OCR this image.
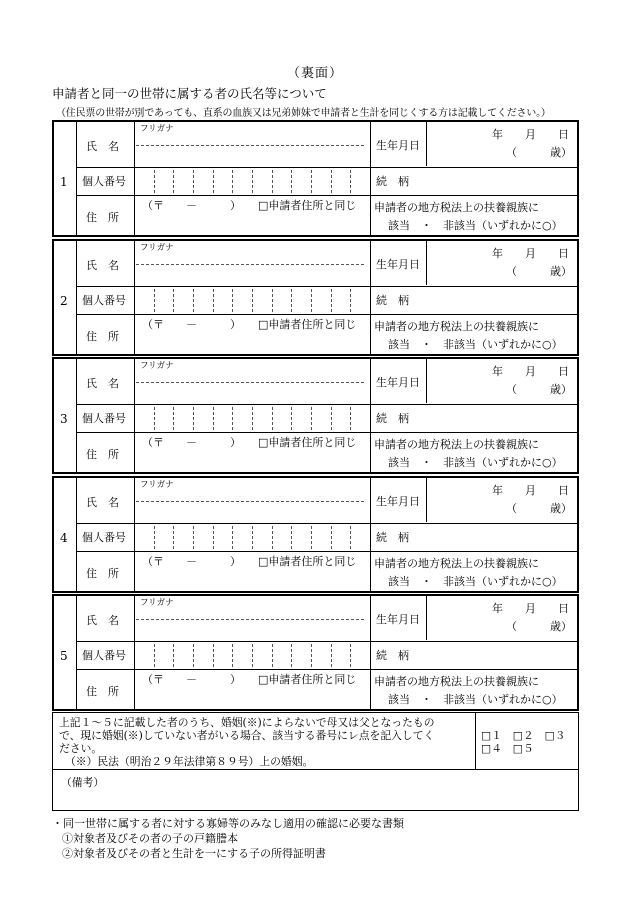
（裏面）
申請者と同一の世帯に属する者の氏名等について
（住民票の世帯が別であっても、直系の血族又は兄弟姉妹で申請者と生計を同じくする方は記載してください。）
上記１～５に記載した者のうち、婚姻(※)によらないで母又は父となったもの
で、現に婚姻(※)していない者がいる場合、該当する番号にレ点を記入してく
ださい。
（※）民法（明治２９年法律第８９号）上の婚姻。
□１　□２　□３
□４　□５
（備考）
1
氏　名
フリガナ
個人番号
住　所
（〒　　－　　　） □申請者住所と同じ
生年月日
年　　月　　日
（　　　歳）
続　柄
申請者の地方税法上の扶養親族に
該当　・　非該当（いずれかに○）
2
氏　名
フリガナ
個人番号
住　所
（〒　　－　　　） □申請者住所と同じ
生年月日
年　　月　　日
（　　　歳）
続　柄
申請者の地方税法上の扶養親族に
該当　・　非該当（いずれかに○）
3
氏　名
フリガナ
個人番号
住　所
（〒　　－　　　） □申請者住所と同じ
生年月日
年　　月　　日
（　　　歳）
続　柄
申請者の地方税法上の扶養親族に
該当　・　非該当（いずれかに○）
4
氏　名
フリガナ
個人番号
住　所
（〒　　－　　　） □申請者住所と同じ
生年月日
年　　月　　日
（　　　歳）
続　柄
申請者の地方税法上の扶養親族に
該当　・　非該当（いずれかに○）
5
氏　名
フリガナ
個人番号
住　所
（〒　　－　　　） □申請者住所と同じ
生年月日
年　　月　　日
（　　　歳）
続　柄
申請者の地方税法上の扶養親族に
該当　・　非該当（いずれかに○）
・同一世帯に属する者に対する寡婦等のみなし適用の確認に必要な書類
①対象者及びその者の子の戸籍謄本
②対象者及びその者と生計を一にする子の所得証明書
